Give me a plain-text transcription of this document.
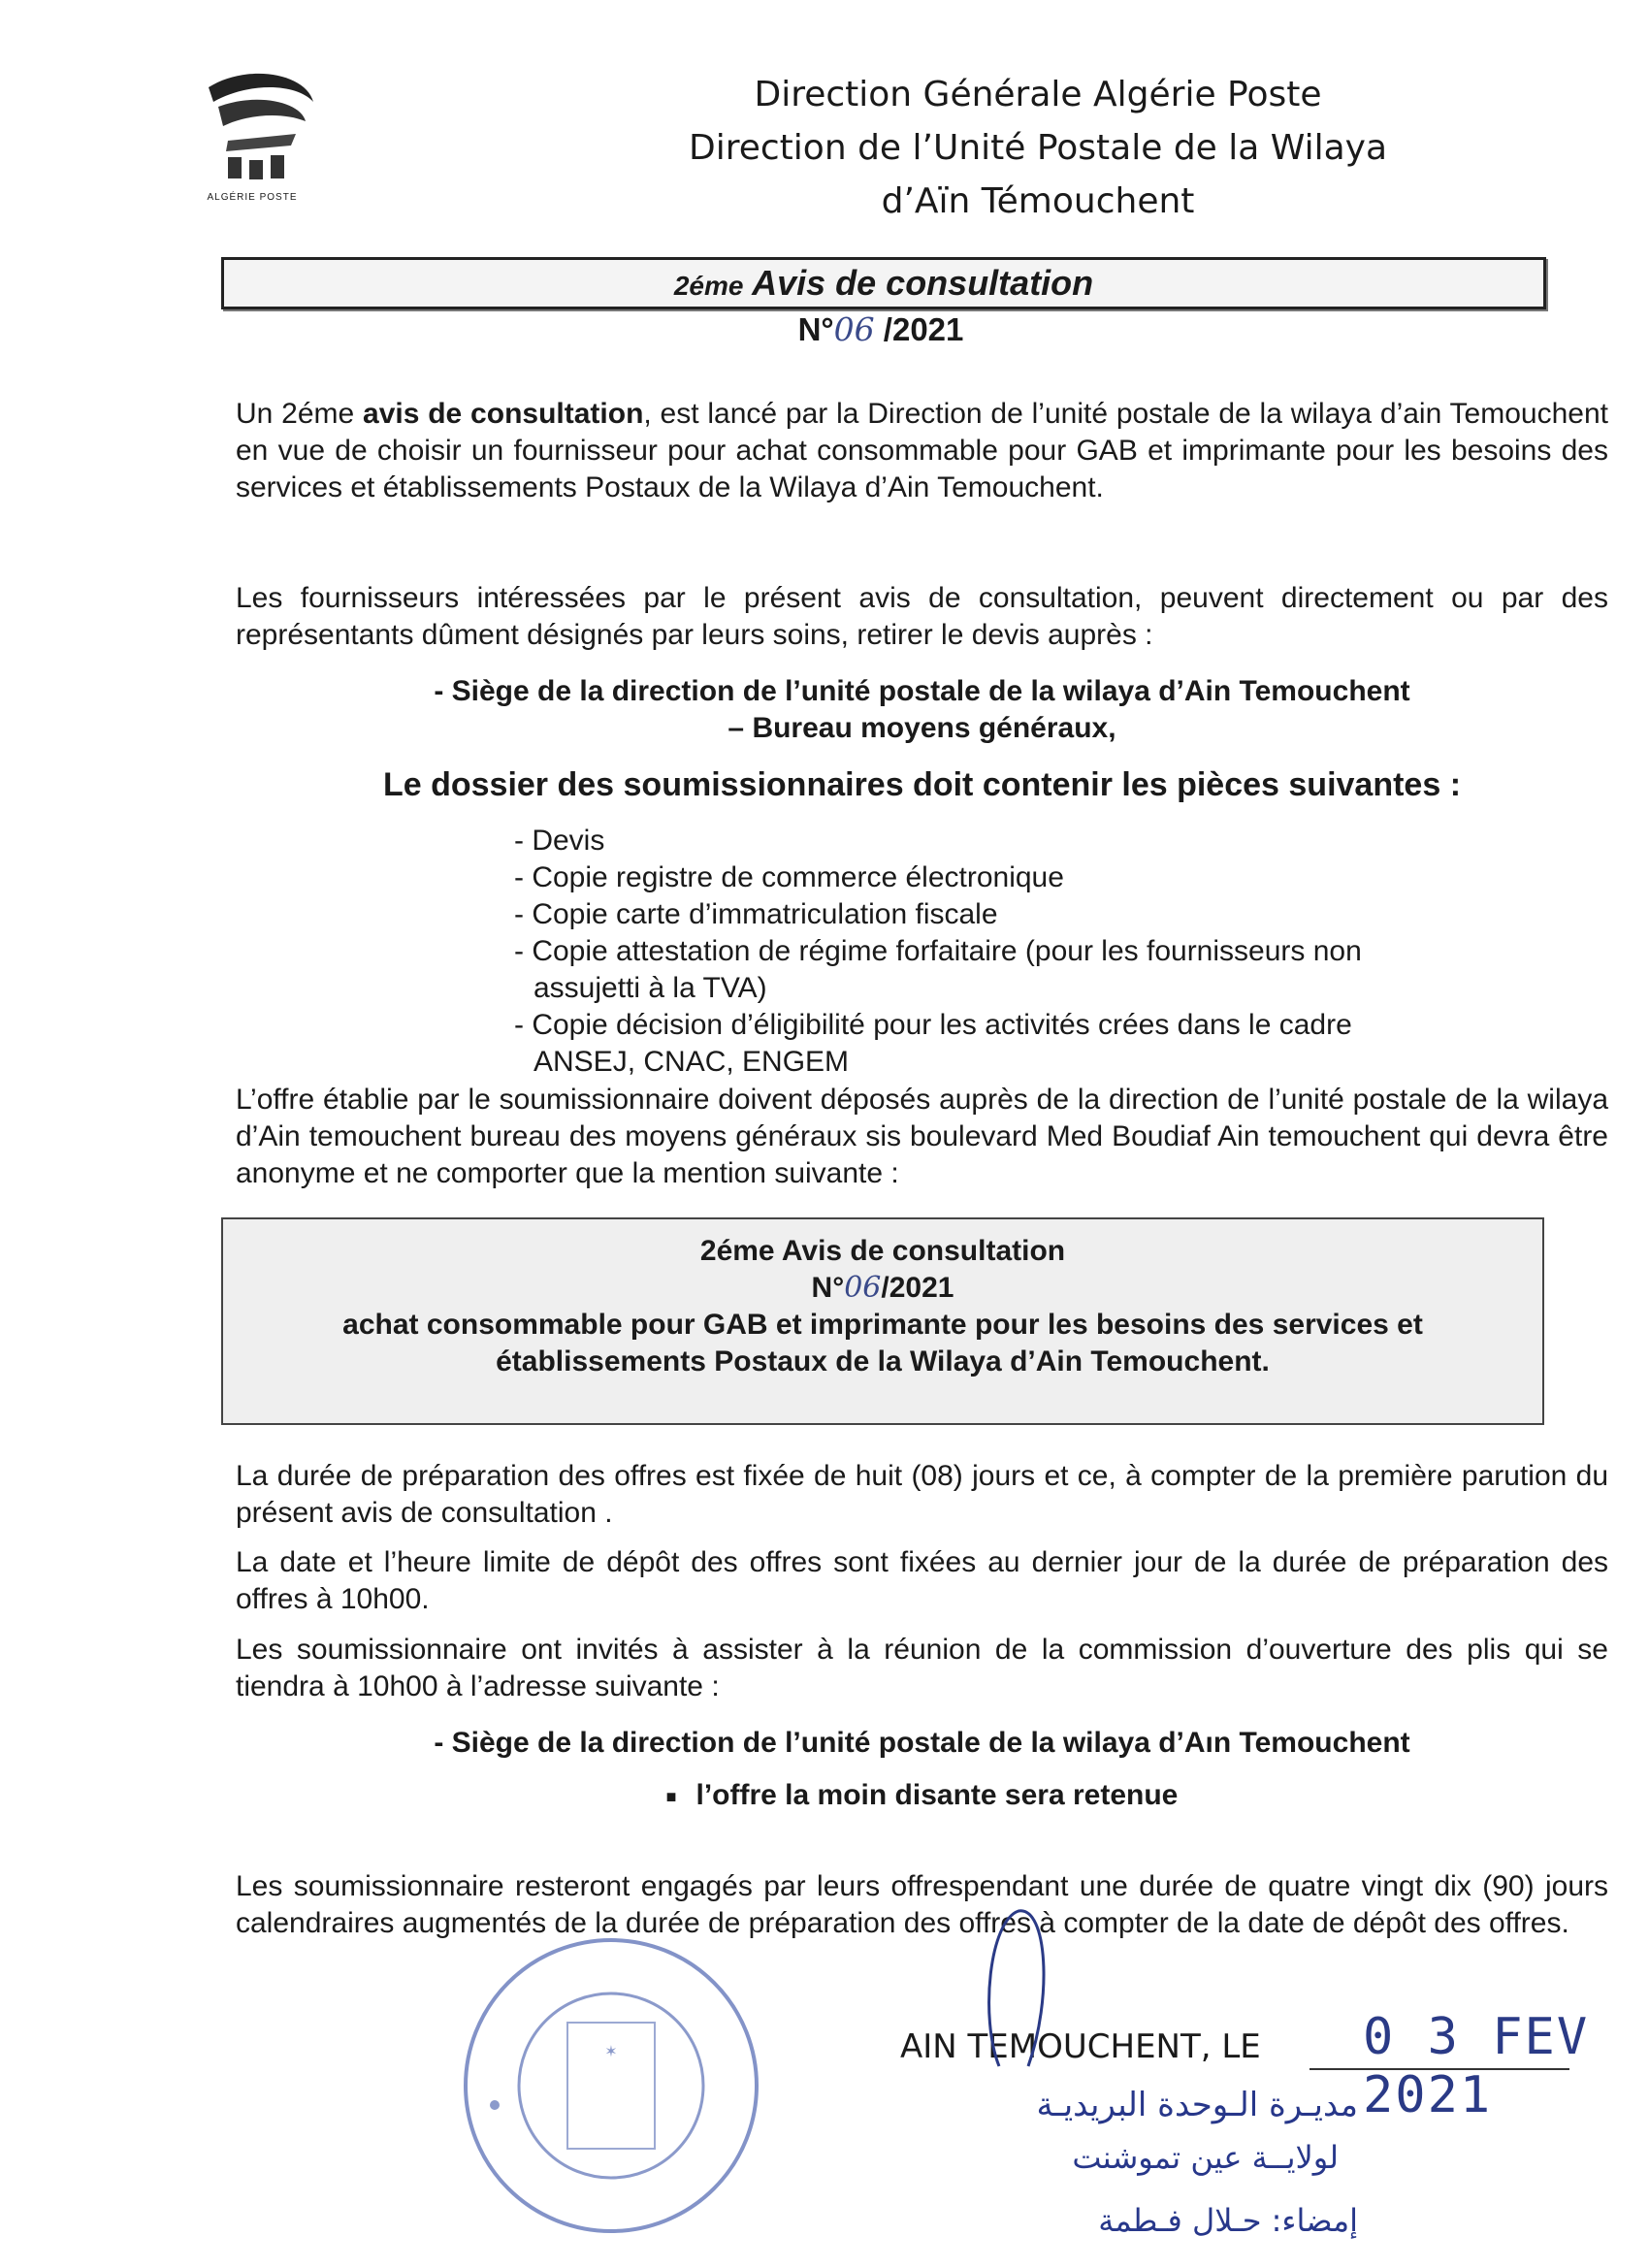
ALGÉRIE POSTE
Direction Générale Algérie Poste
Direction de l’Unité Postale de la Wilaya
d’Aïn Témouchent
2éme Avis de consultation
N°06 /2021
Un 2éme avis de consultation, est lancé par la Direction de l’unité postale de la wilaya d’ain Temouchent en vue de choisir un fournisseur pour achat consommable pour GAB et imprimante pour les besoins des services et établissements Postaux de la Wilaya d’Ain Temouchent.
Les fournisseurs intéressées par le présent avis de consultation, peuvent directement ou par des représentants dûment désignés par leurs soins, retirer le devis auprès :
- Siège de la direction de l’unité postale de la wilaya d’Ain Temouchent
– Bureau moyens généraux,
Le dossier des soumissionnaires doit contenir les pièces suivantes :
- Devis
- Copie registre de commerce électronique
- Copie carte d’immatriculation fiscale
- Copie attestation de régime forfaitaire (pour les fournisseurs non
assujetti à la TVA)
- Copie décision d’éligibilité pour les activités crées dans le cadre
ANSEJ, CNAC, ENGEM
L’offre établie par le soumissionnaire doivent déposés auprès de la direction de l’unité postale de la wilaya d’Ain temouchent bureau des moyens généraux sis boulevard Med Boudiaf Ain temouchent qui devra être anonyme et ne comporter que la mention suivante :
2éme Avis de consultation
N°06/2021
achat consommable pour GAB et imprimante pour les besoins des services et
établissements Postaux de la Wilaya d’Ain Temouchent.
La durée de préparation des offres est fixée de huit (08) jours et ce, à compter de la première parution du présent avis de consultation .
La date et l’heure limite de dépôt des offres sont fixées au dernier jour de la durée de préparation des offres à 10h00.
Les soumissionnaire ont invités à assister à la réunion de la commission d’ouverture des plis qui se tiendra à 10h00 à l’adresse suivante :
- Siège de la direction de l’unité postale de la wilaya d’Aın Temouchent
■ l’offre la moin disante sera retenue
Les soumissionnaire resteront engagés par leurs offrespendant une durée de quatre vingt dix (90) jours calendraires augmentés de la durée de préparation des offres à compter de la date de dépôt des offres.
✶	AIN TEMOUCHENT, LE 0 3 FEV 2021
مديـرة الـوحدة البريديـة
لولايــة عين تموشنت
إمضاء: حـلال فـطمة
